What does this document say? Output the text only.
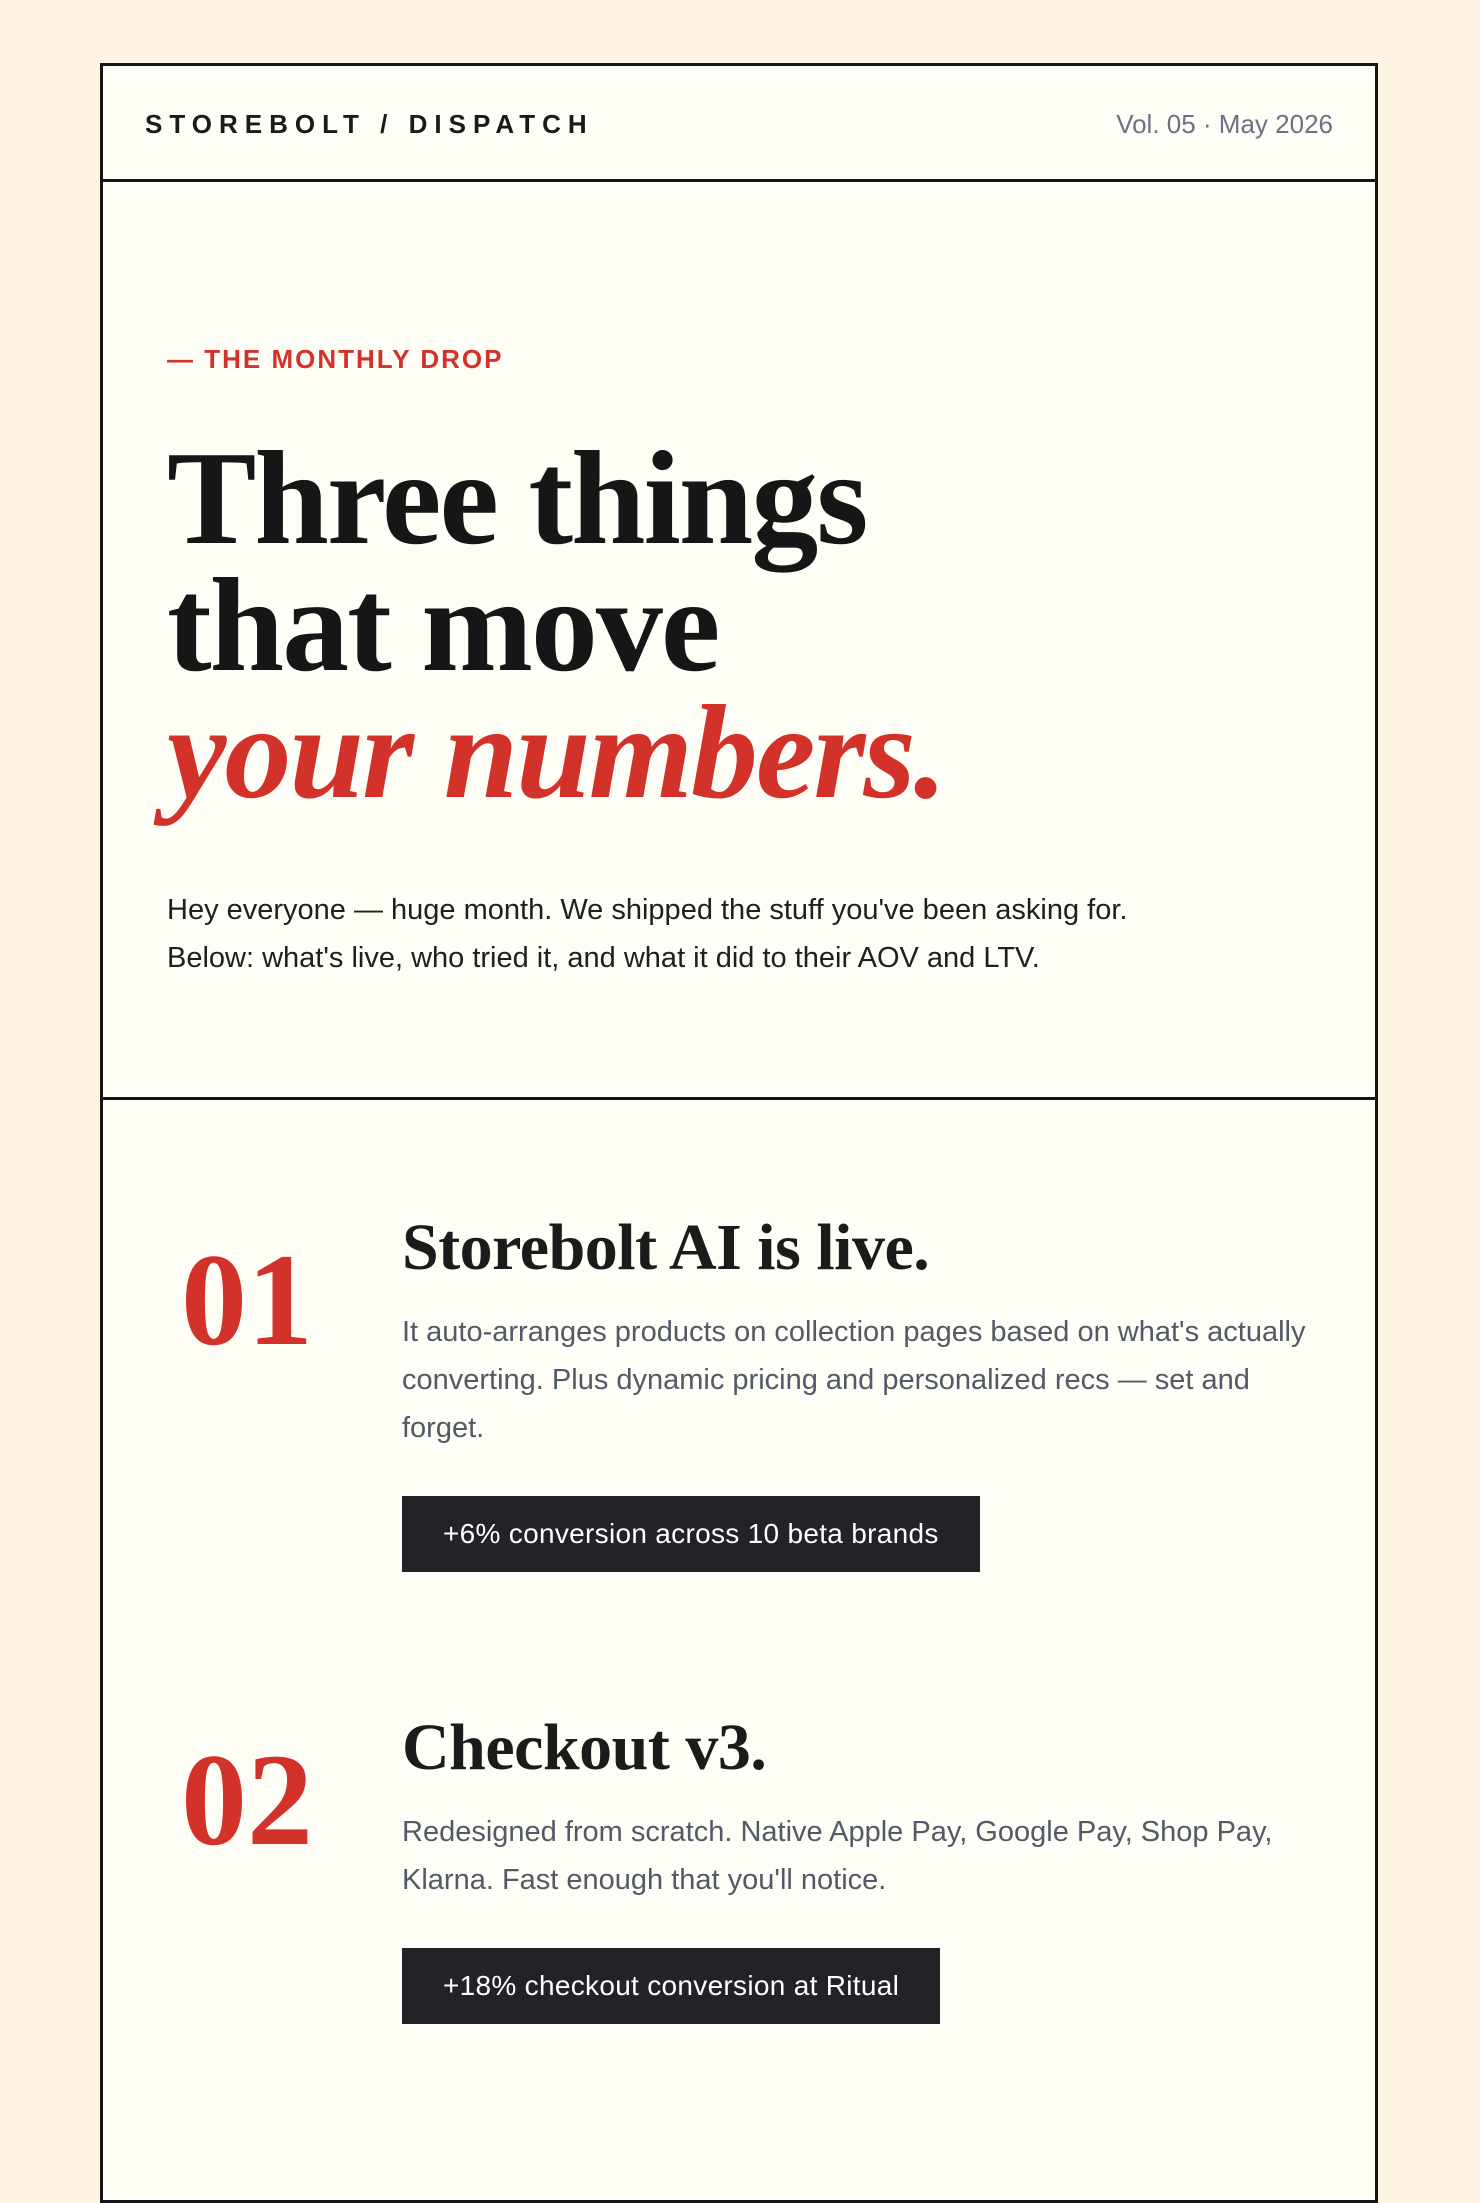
STOREBOLT / DISPATCH	Vol. 05 · May 2026
— THE MONTHLY DROP
Three things
that move
your numbers.
Hey everyone — huge month. We shipped the stuff you've been asking for.
Below: what's live, who tried it, and what it did to their AOV and LTV.
01	Storebolt AI is live.
It auto-arranges products on collection pages based on what's actually converting. Plus dynamic pricing and personalized recs — set and forget.
+6% conversion across 10 beta brands
02	Checkout v3.
Redesigned from scratch. Native Apple Pay, Google Pay, Shop Pay, Klarna. Fast enough that you'll notice.
+18% checkout conversion at Ritual
